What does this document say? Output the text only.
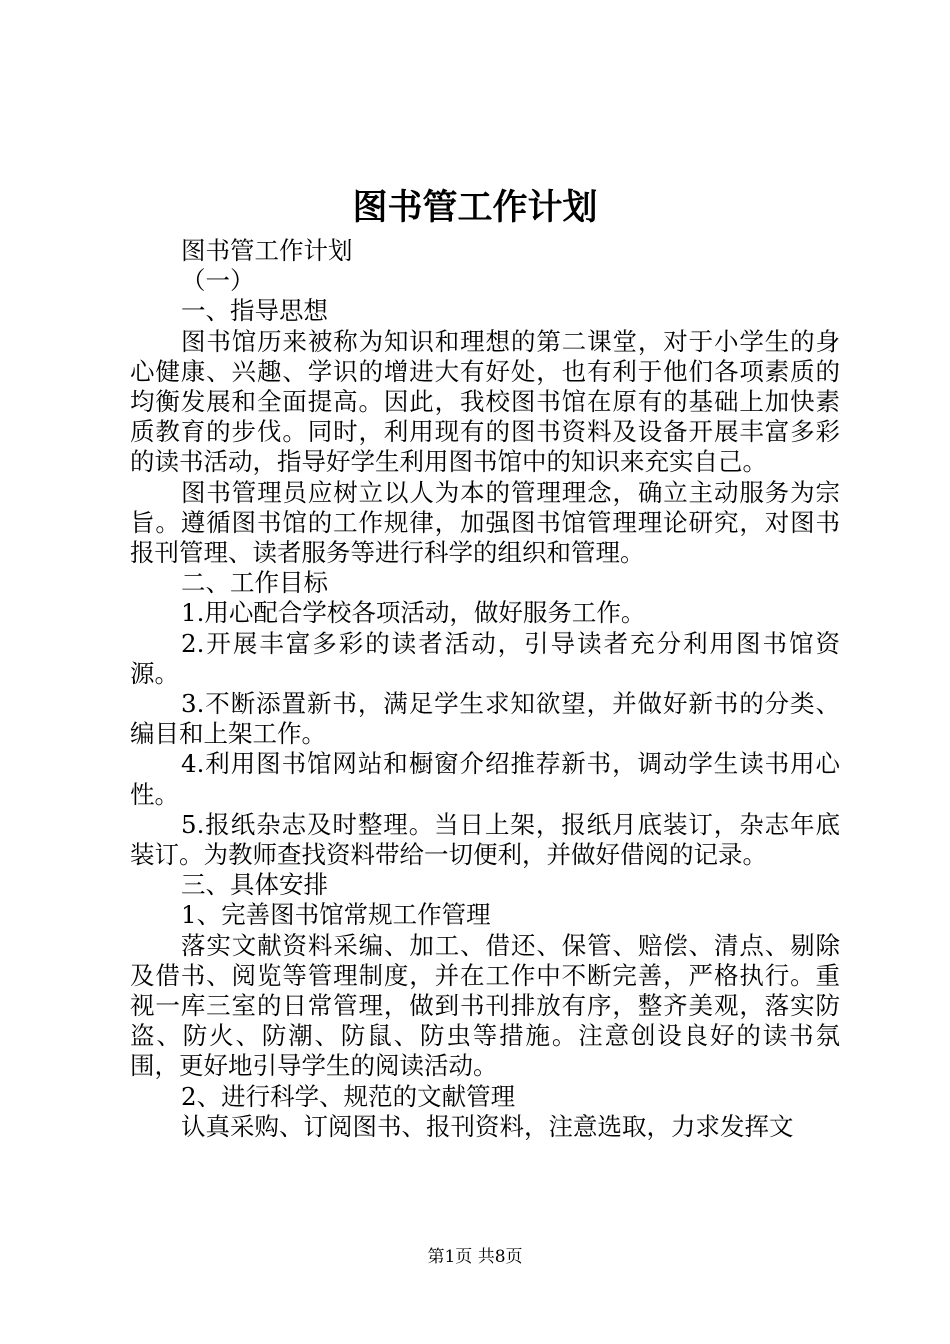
图书管工作计划

图书管工作计划

（一）

一、指导思想

图书馆历来被称为知识和理想的第二课堂，对于小学生的身心健康、兴趣、学识的增进大有好处，也有利于他们各项素质的均衡发展和全面提高。因此，我校图书馆在原有的基础上加快素质教育的步伐。同时，利用现有的图书资料及设备开展丰富多彩的读书活动，指导好学生利用图书馆中的知识来充实自己。

图书管理员应树立以人为本的管理理念，确立主动服务为宗旨。遵循图书馆的工作规律，加强图书馆管理理论研究，对图书报刊管理、读者服务等进行科学的组织和管理。

二、工作目标

1.用心配合学校各项活动，做好服务工作。

2.开展丰富多彩的读者活动，引导读者充分利用图书馆资源。

3.不断添置新书，满足学生求知欲望，并做好新书的分类、编目和上架工作。

4.利用图书馆网站和橱窗介绍推荐新书，调动学生读书用心性。

5.报纸杂志及时整理。当日上架，报纸月底装订，杂志年底装订。为教师查找资料带给一切便利，并做好借阅的记录。

三、具体安排

1、完善图书馆常规工作管理

落实文献资料采编、加工、借还、保管、赔偿、清点、剔除及借书、阅览等管理制度，并在工作中不断完善，严格执行。重视一库三室的日常管理，做到书刊排放有序，整齐美观，落实防盗、防火、防潮、防鼠、防虫等措施。注意创设良好的读书氛围，更好地引导学生的阅读活动。

2、进行科学、规范的文献管理

认真采购、订阅图书、报刊资料，注意选取，力求发挥文

第1页 共8页
